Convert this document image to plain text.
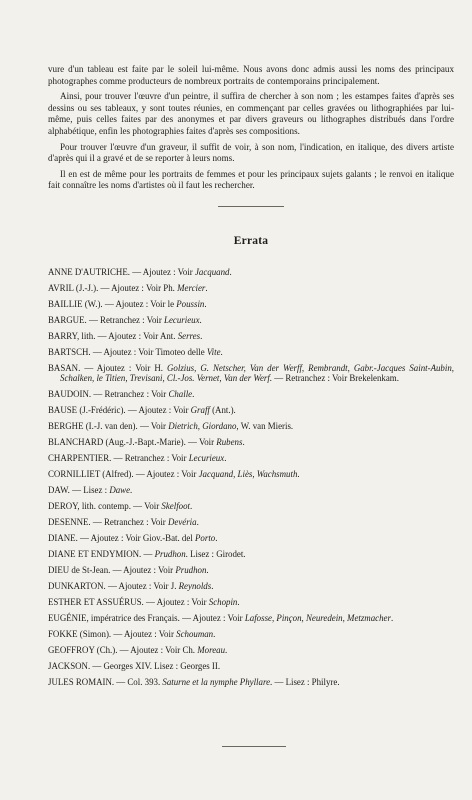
vure d'un tableau est faite par le soleil lui-même. Nous avons donc admis aussi les noms des principaux photographes comme producteurs de nombreux portraits de contemporains principalement.

Ainsi, pour trouver l'œuvre d'un peintre, il suffira de chercher à son nom ; les estampes faites d'après ses dessins ou ses tableaux, y sont toutes réunies, en commençant par celles gravées ou lithographiées par lui-même, puis celles faites par des anonymes et par divers graveurs ou lithographes distribués dans l'ordre alphabétique, enfin les photographies faites d'après ses compositions.

Pour trouver l'œuvre d'un graveur, il suffit de voir, à son nom, l'indication, en italique, des divers artiste d'après qui il a gravé et de se reporter à leurs noms.

Il en est de même pour les portraits de femmes et pour les principaux sujets galants ; le renvoi en italique fait connaître les noms d'artistes où il faut les rechercher.

Errata
ANNE D'AUTRICHE. — Ajoutez : Voir Jacquand.
AVRIL (J.-J.). — Ajoutez : Voir Ph. Mercier.
BAILLIE (W.). — Ajoutez : Voir le Poussin.
BARGUE. — Retranchez : Voir Lecurieux.
BARRY, lith. — Ajoutez : Voir Ant. Serres.
BARTSCH. — Ajoutez : Voir Timoteo delle Vite.
BASAN. — Ajoutez : Voir H. Golzius, G. Netscher, Van der Werff, Rembrandt, Gabr.-Jacques Saint-Aubin, Schalken, le Titien, Trevisani, Cl.-Jos. Vernet, Van der Werf. — Retranchez : Voir Brekelenkam.
BAUDOIN. — Retranchez : Voir Challe.
BAUSE (J.-Frédéric). — Ajoutez : Voir Graff (Ant.).
BERGHE (I.-J. van den). — Voir Dietrich, Giordano, W. van Mieris.
BLANCHARD (Aug.-J.-Bapt.-Marie). — Voir Rubens.
CHARPENTIER. — Retranchez : Voir Lecurieux.
CORNILLIET (Alfred). — Ajoutez : Voir Jacquand, Liès, Wachsmuth.
DAW. — Lisez : Dawe.
DEROY, lith. contemp. — Voir Skelfoot.
DESENNE. — Retranchez : Voir Devéria.
DIANE. — Ajoutez : Voir Giov.-Bat. del Porto.
DIANE ET ENDYMION. — Prudhon. Lisez : Girodet.
DIEU de St-Jean. — Ajoutez : Voir Prudhon.
DUNKARTON. — Ajoutez : Voir J. Reynolds.
ESTHER ET ASSUÉRUS. — Ajoutez : Voir Schopin.
EUGÉNIE, impératrice des Français. — Ajoutez : Voir Lafosse, Pinçon, Neuredein, Metzmacher.
FOKKE (Simon). — Ajoutez : Voir Schouman.
GEOFFROY (Ch.). — Ajoutez : Voir Ch. Moreau.
JACKSON. — Georges XIV. Lisez : Georges II.
JULES ROMAIN. — Col. 393. Saturne et la nymphe Phyllare. — Lisez : Philyre.
